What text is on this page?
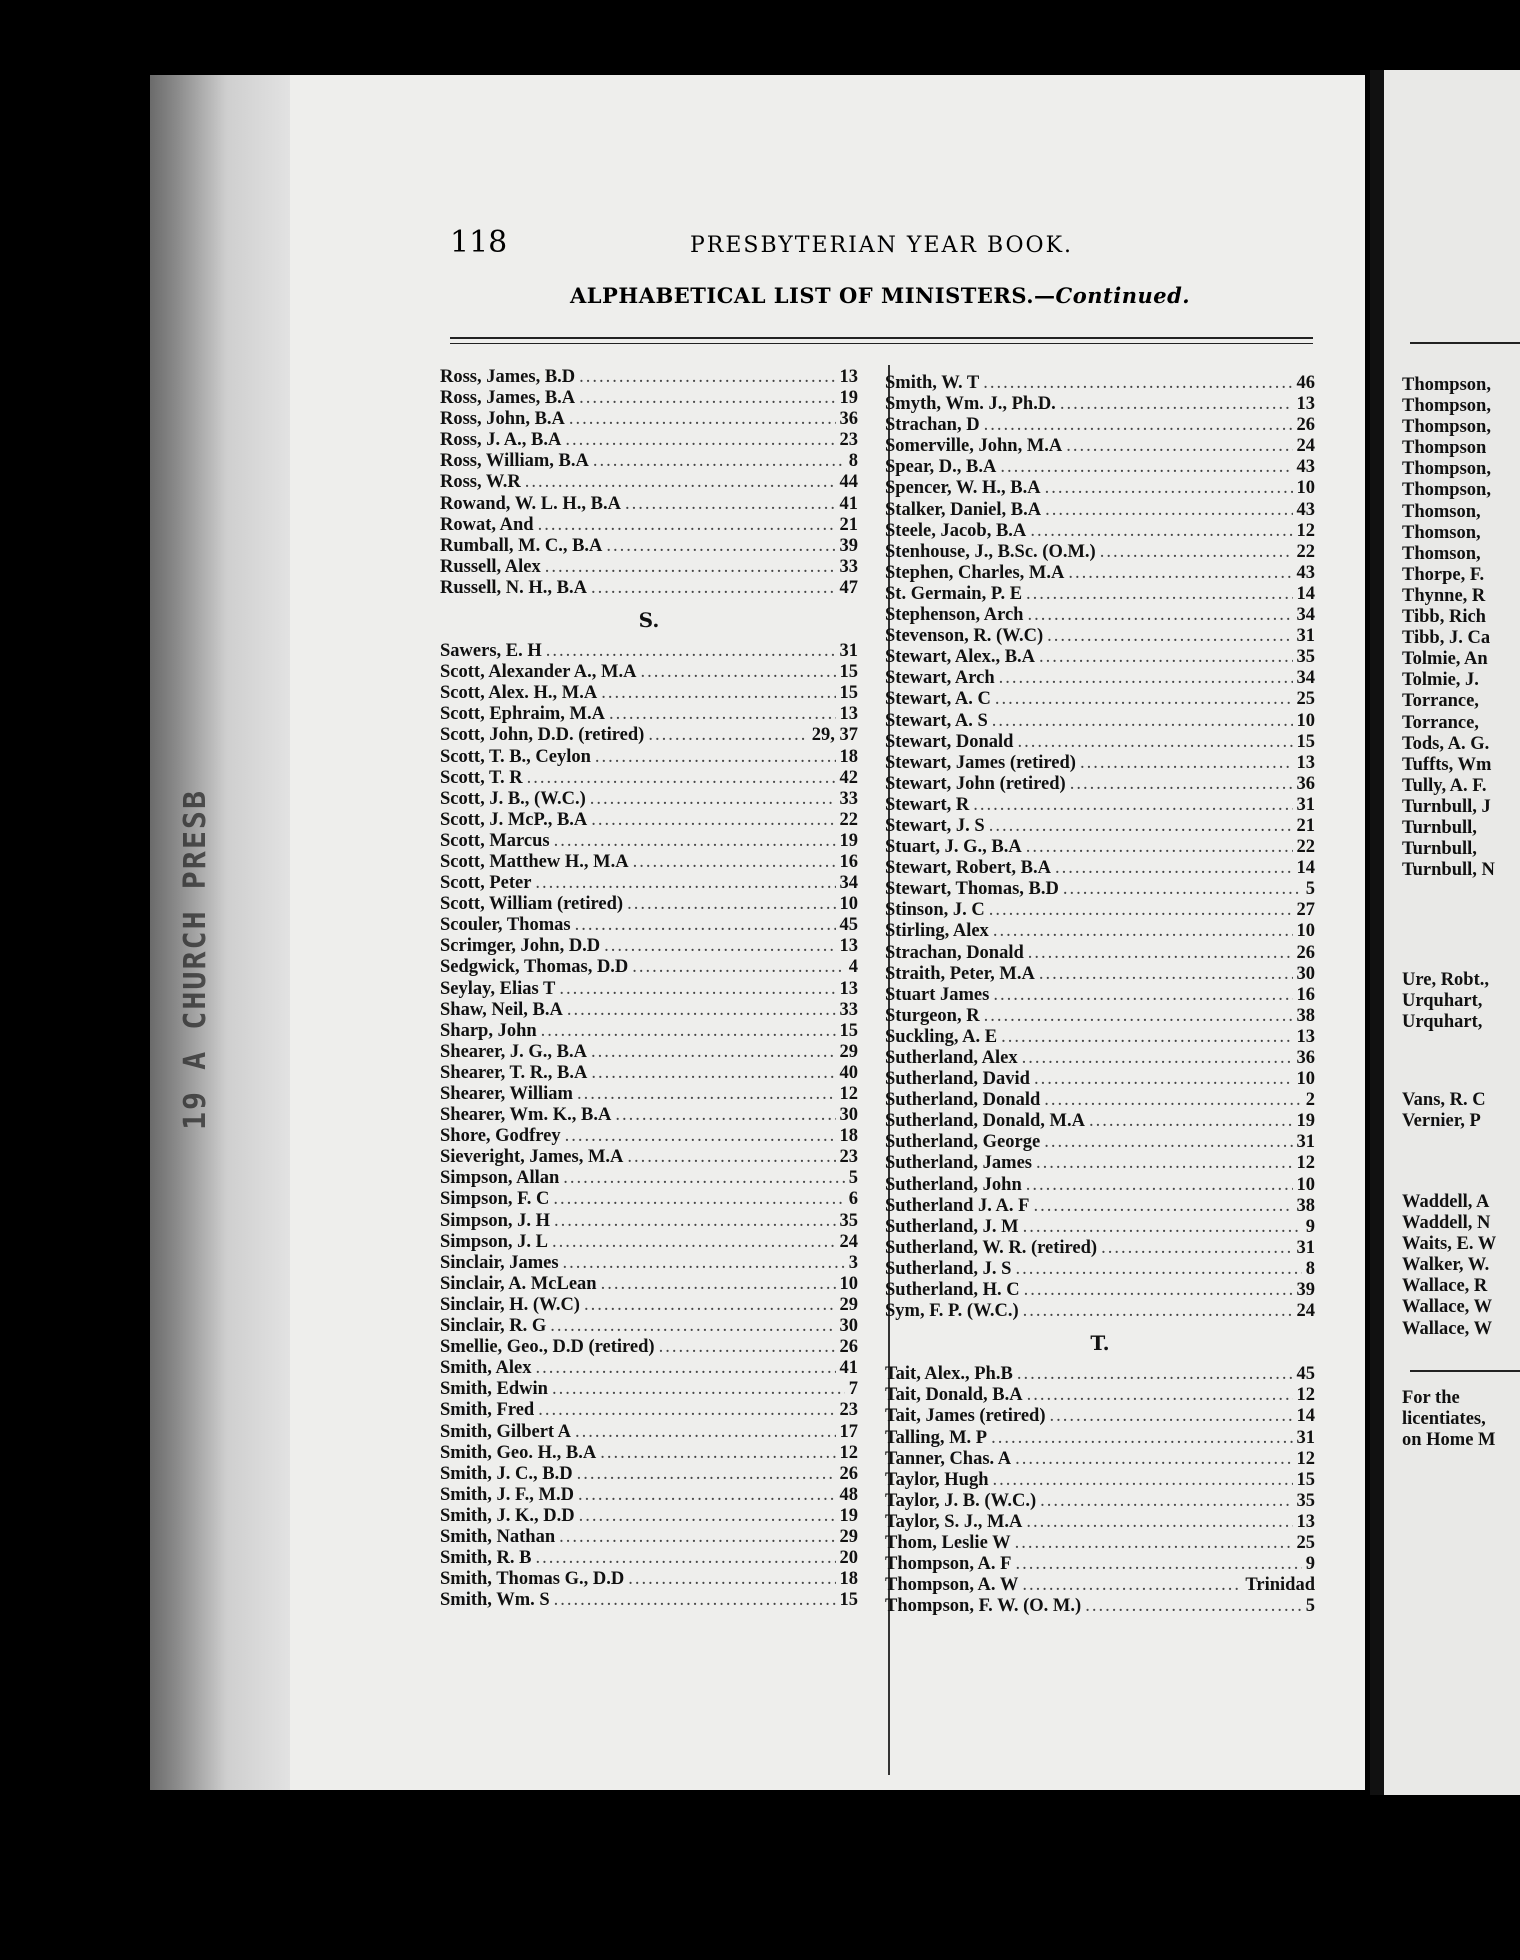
19 A CHURCH PRESB
118	PRESBYTERIAN YEAR BOOK.
ALPHABETICAL LIST OF MINISTERS.—Continued.
Ross, James, B.D .....	13
Ross, James, B.A .....	19
Ross, John, B.A .....	36
Ross, J. A., B.A .....	23
Ross, William, B.A .....	8
Ross, W.R .....	44
Rowand, W. L. H., B.A .....	41
Rowat, And .....	21
Rumball, M. C., B.A .....	39
Russell, Alex .....	33
Russell, N. H., B.A .....	47
S.
Sawers, E. H .....	31
Scott, Alexander A., M.A .....	15
Scott, Alex. H., M.A .....	15
Scott, Ephraim, M.A .....	13
Scott, John, D.D. (retired) .....	29, 37
Scott, T. B., Ceylon .....	18
Scott, T. R .....	42
Scott, J. B., (W.C.) .....	33
Scott, J. McP., B.A .....	22
Scott, Marcus .....	19
Scott, Matthew H., M.A .....	16
Scott, Peter .....	34
Scott, William (retired) .....	10
Scouler, Thomas .....	45
Scrimger, John, D.D .....	13
Sedgwick, Thomas, D.D .....	4
Seylay, Elias T .....	13
Shaw, Neil, B.A .....	33
Sharp, John .....	15
Shearer, J. G., B.A .....	29
Shearer, T. R., B.A .....	40
Shearer, William .....	12
Shearer, Wm. K., B.A .....	30
Shore, Godfrey .....	18
Sieveright, James, M.A .....	23
Simpson, Allan .....	5
Simpson, F. C .....	6
Simpson, J. H .....	35
Simpson, J. L .....	24
Sinclair, James .....	3
Sinclair, A. McLean .....	10
Sinclair, H. (W.C) .....	29
Sinclair, R. G .....	30
Smellie, Geo., D.D (retired) .....	26
Smith, Alex .....	41
Smith, Edwin .....	7
Smith, Fred .....	23
Smith, Gilbert A .....	17
Smith, Geo. H., B.A .....	12
Smith, J. C., B.D .....	26
Smith, J. F., M.D .....	48
Smith, J. K., D.D .....	19
Smith, Nathan .....	29
Smith, R. B .....	20
Smith, Thomas G., D.D .....	18
Smith, Wm. S .....	15
Smith, W. T .....	46
Smyth, Wm. J., Ph.D. .....	13
Strachan, D .....	26
Somerville, John, M.A .....	24
Spear, D., B.A .....	43
Spencer, W. H., B.A .....	10
Stalker, Daniel, B.A .....	43
Steele, Jacob, B.A .....	12
Stenhouse, J., B.Sc. (O.M.) .....	22
Stephen, Charles, M.A .....	43
St. Germain, P. E .....	14
Stephenson, Arch .....	34
Stevenson, R. (W.C) .....	31
Stewart, Alex., B.A .....	35
Stewart, Arch .....	34
Stewart, A. C .....	25
Stewart, A. S .....	10
Stewart, Donald .....	15
Stewart, James (retired) .....	13
Stewart, John (retired) .....	36
Stewart, R .....	31
Stewart, J. S .....	21
Stuart, J. G., B.A .....	22
Stewart, Robert, B.A .....	14
Stewart, Thomas, B.D .....	5
Stinson, J. C .....	27
Stirling, Alex .....	10
Strachan, Donald .....	26
Straith, Peter, M.A .....	30
Stuart James .....	16
Sturgeon, R .....	38
Suckling, A. E .....	13
Sutherland, Alex .....	36
Sutherland, David .....	10
Sutherland, Donald .....	2
Sutherland, Donald, M.A .....	19
Sutherland, George .....	31
Sutherland, James .....	12
Sutherland, John .....	10
Sutherland J. A. F .....	38
Sutherland, J. M .....	9
Sutherland, W. R. (retired) .....	31
Sutherland, J. S .....	8
Sutherland, H. C .....	39
Sym, F. P. (W.C.) .....	24
T.
Tait, Alex., Ph.B .....	45
Tait, Donald, B.A .....	12
Tait, James (retired) .....	14
Talling, M. P .....	31
Tanner, Chas. A .....	12
Taylor, Hugh .....	15
Taylor, J. B. (W.C.) .....	35
Taylor, S. J., M.A .....	13
Thom, Leslie W .....	25
Thompson, A. F .....	9
Thompson, A. W .....	Trinidad
Thompson, F. W. (O. M.) .....	5
Thompson,
Thompson,
Thompson,
Thompson
Thompson,
Thompson,
Thomson,
Thomson,
Thomson,
Thorpe, F.
Thynne, R
Tibb, Rich
Tibb, J. Ca
Tolmie, An
Tolmie, J.
Torrance,
Torrance,
Tods, A. G.
Tuffts, Wm
Tully, A. F.
Turnbull, J
Turnbull,
Turnbull,
Turnbull, N
Ure, Robt.,
Urquhart,
Urquhart,
Vans, R. C
Vernier, P
Waddell, A
Waddell, N
Waits, E. W
Walker, W.
Wallace, R
Wallace, W
Wallace, W
For the
licentiates,
on Home M
